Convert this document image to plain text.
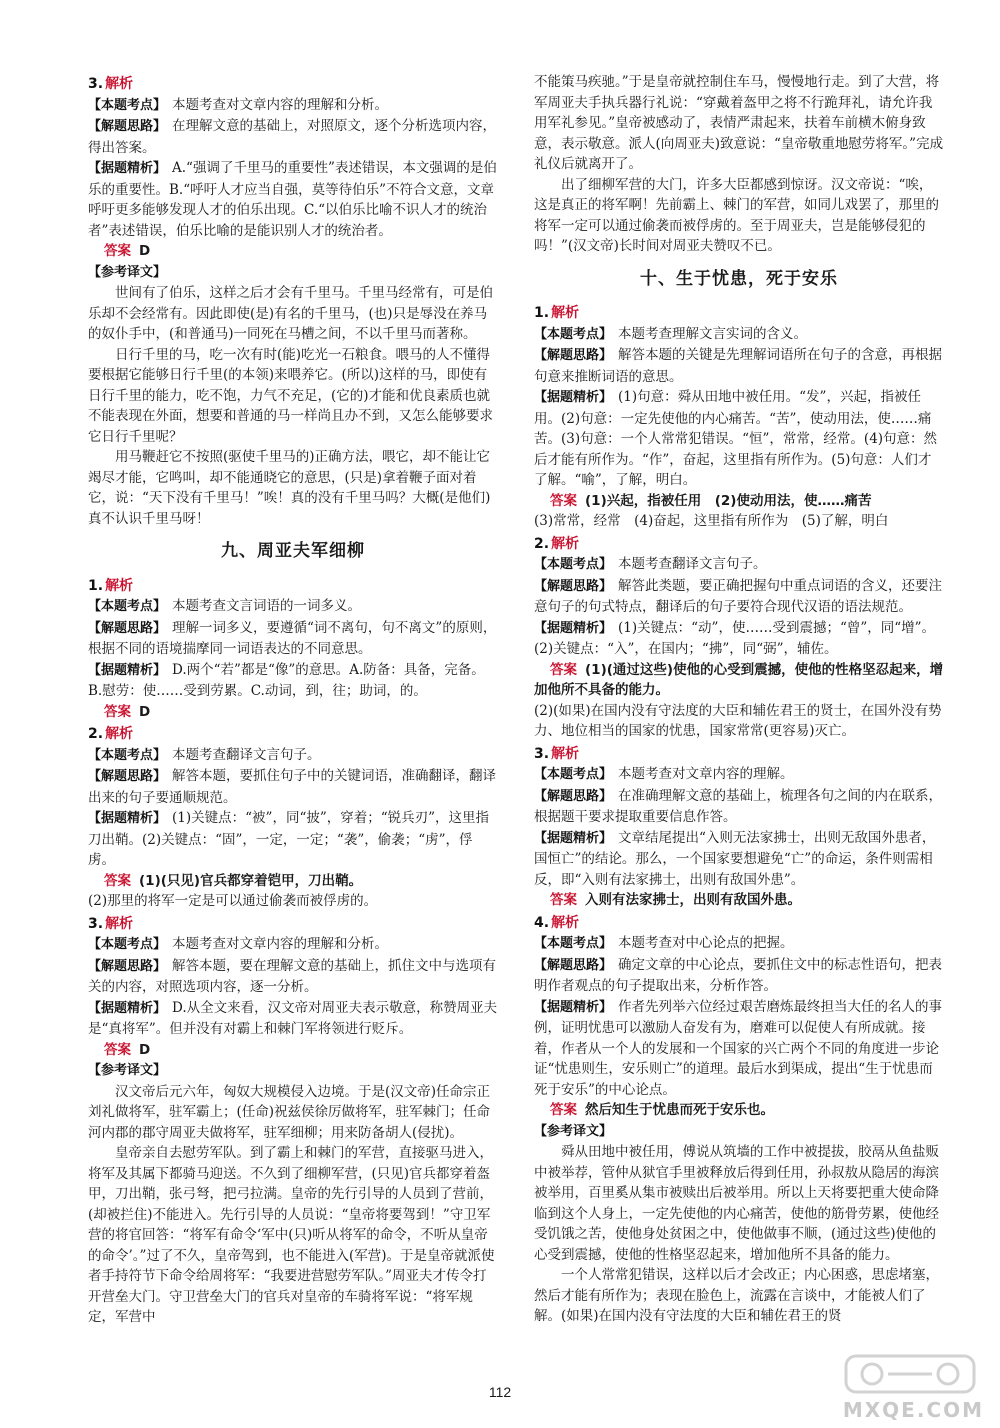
3. 解析
【本题考点】 本题考查对文章内容的理解和分析。
【解题思路】 在理解文意的基础上，对照原文，逐个分析选项内容，得出答案。
【据题精析】 A.“强调了千里马的重要性”表述错误，本文强调的是伯乐的重要性。B.“呼吁人才应当自强，莫等待伯乐”不符合文意，文章呼吁更多能够发现人才的伯乐出现。C.“以伯乐比喻不识人才的统治者”表述错误，伯乐比喻的是能识别人才的统治者。
答案 D
【参考译文】
世间有了伯乐，这样之后才会有千里马。千里马经常有，可是伯乐却不会经常有。因此即使(是)有名的千里马，(也)只是辱没在养马的奴仆手中，(和普通马)一同死在马槽之间，不以千里马而著称。
日行千里的马，吃一次有时(能)吃光一石粮食。喂马的人不懂得要根据它能够日行千里(的本领)来喂养它。(所以)这样的马，即使有日行千里的能力，吃不饱，力气不充足，(它的)才能和优良素质也就不能表现在外面，想要和普通的马一样尚且办不到，又怎么能够要求它日行千里呢？
用马鞭赶它不按照(驱使千里马的)正确方法，喂它，却不能让它竭尽才能，它鸣叫，却不能通晓它的意思，(只是)拿着鞭子面对着它，说：“天下没有千里马！”唉！真的没有千里马吗？大概(是他们)真不认识千里马呀！
九、周亚夫军细柳
1. 解析
【本题考点】 本题考查文言词语的一词多义。
【解题思路】 理解一词多义，要遵循“词不离句，句不离文”的原则，根据不同的语境揣摩同一词语表达的不同意思。
【据题精析】 D.两个“若”都是“像”的意思。A.防备：具备，完备。B.慰劳：使……受到劳累。C.动词，到，往；助词，的。
答案 D
2. 解析
【本题考点】 本题考查翻译文言句子。
【解题思路】 解答本题，要抓住句子中的关键词语，准确翻译，翻译出来的句子要通顺规范。
【据题精析】 (1)关键点：“被”，同“披”，穿着；“锐兵刃”，这里指刀出鞘。(2)关键点：“固”，一定，一定；“袭”，偷袭；“虏”，俘虏。
答案 (1)(只见)官兵都穿着铠甲，刀出鞘。
(2)那里的将军一定是可以通过偷袭而被俘虏的。
3. 解析
【本题考点】 本题考查对文章内容的理解和分析。
【解题思路】 解答本题，要在理解文意的基础上，抓住文中与选项有关的内容，对照选项内容，逐一分析。
【据题精析】 D.从全文来看，汉文帝对周亚夫表示敬意，称赞周亚夫是“真将军”。但并没有对霸上和棘门军将领进行贬斥。
答案 D
【参考译文】
汉文帝后元六年，匈奴大规模侵入边境。于是(汉文帝)任命宗正刘礼做将军，驻军霸上；(任命)祝兹侯徐厉做将军，驻军棘门；任命河内郡的郡守周亚夫做将军，驻军细柳；用来防备胡人(侵扰)。
皇帝亲自去慰劳军队。到了霸上和棘门的军营，直接驱马进入，将军及其属下都骑马迎送。不久到了细柳军营，(只见)官兵都穿着盔甲，刀出鞘，张弓弩，把弓拉满。皇帝的先行引导的人员到了营前，(却被拦住)不能进入。先行引导的人员说：“皇帝将要驾到！”守卫军营的将官回答：“将军有命令‘军中(只)听从将军的命令，不听从皇帝的命令’。”过了不久，皇帝驾到，也不能进入(军营)。于是皇帝就派使者手持符节下命令给周将军：“我要进营慰劳军队。”周亚夫才传令打开营垒大门。守卫营垒大门的官兵对皇帝的车骑将军说：“将军规定，军营中
不能策马疾驰。”于是皇帝就控制住车马，慢慢地行走。到了大营，将军周亚夫手执兵器行礼说：“穿戴着盔甲之将不行跪拜礼，请允许我用军礼参见。”皇帝被感动了，表情严肃起来，扶着车前横木俯身致意，表示敬意。派人(向周亚夫)致意说：“皇帝敬重地慰劳将军。”完成礼仪后就离开了。
出了细柳军营的大门，许多大臣都感到惊讶。汉文帝说：“唉，这是真正的将军啊！先前霸上、棘门的军营，如同儿戏罢了，那里的将军一定可以通过偷袭而被俘虏的。至于周亚夫，岂是能够侵犯的吗！”(汉文帝)长时间对周亚夫赞叹不已。
十、生于忧患，死于安乐
1. 解析
【本题考点】 本题考查理解文言实词的含义。
【解题思路】 解答本题的关键是先理解词语所在句子的含意，再根据句意来推断词语的意思。
【据题精析】 (1)句意：舜从田地中被任用。“发”，兴起，指被任用。(2)句意：一定先使他的内心痛苦。“苦”，使动用法，使……痛苦。(3)句意：一个人常常犯错误。“恒”，常常，经常。(4)句意：然后才能有所作为。“作”，奋起，这里指有所作为。(5)句意：人们才了解。“喻”，了解，明白。
答案 (1)兴起，指被任用　(2)使动用法，使……痛苦
(3)常常，经常　(4)奋起，这里指有所作为　(5)了解，明白
2. 解析
【本题考点】 本题考查翻译文言句子。
【解题思路】 解答此类题，要正确把握句中重点词语的含义，还要注意句子的句式特点，翻译后的句子要符合现代汉语的语法规范。
【据题精析】 (1)关键点：“动”，使……受到震撼；“曾”，同“增”。(2)关键点：“入”，在国内；“拂”，同“弼”，辅佐。
答案 (1)(通过这些)使他的心受到震撼，使他的性格坚忍起来，增加他所不具备的能力。
(2)(如果)在国内没有守法度的大臣和辅佐君王的贤士，在国外没有势力、地位相当的国家的忧患，国家常常(更容易)灭亡。
3. 解析
【本题考点】 本题考查对文章内容的理解。
【解题思路】 在准确理解文意的基础上，梳理各句之间的内在联系，根据题干要求提取重要信息作答。
【据题精析】 文章结尾提出“入则无法家拂士，出则无敌国外患者，国恒亡”的结论。那么，一个国家要想避免“亡”的命运，条件则需相反，即“入则有法家拂士，出则有敌国外患”。
答案 入则有法家拂士，出则有敌国外患。
4. 解析
【本题考点】 本题考查对中心论点的把握。
【解题思路】 确定文章的中心论点，要抓住文中的标志性语句，把表明作者观点的句子提取出来，分析作答。
【据题精析】 作者先列举六位经过艰苦磨炼最终担当大任的名人的事例，证明忧患可以激励人奋发有为，磨难可以促使人有所成就。接着，作者从一个人的发展和一个国家的兴亡两个不同的角度进一步论证“忧患则生，安乐则亡”的道理。最后水到渠成，提出“生于忧患而死于安乐”的中心论点。
答案 然后知生于忧患而死于安乐也。
【参考译文】
舜从田地中被任用，傅说从筑墙的工作中被提拔，胶鬲从鱼盐贩中被举荐，管仲从狱官手里被释放后得到任用，孙叔敖从隐居的海滨被举用，百里奚从集市被赎出后被举用。所以上天将要把重大使命降临到这个人身上，一定先使他的内心痛苦，使他的筋骨劳累，使他经受饥饿之苦，使他身处贫困之中，使他做事不顺，(通过这些)使他的心受到震撼，使他的性格坚忍起来，增加他所不具备的能力。
一个人常常犯错误，这样以后才会改正；内心困惑，思虑堵塞，然后才能有所作为；表现在脸色上，流露在言谈中，才能被人们了解。(如果)在国内没有守法度的大臣和辅佐君王的贤
112
MXQE.COM
